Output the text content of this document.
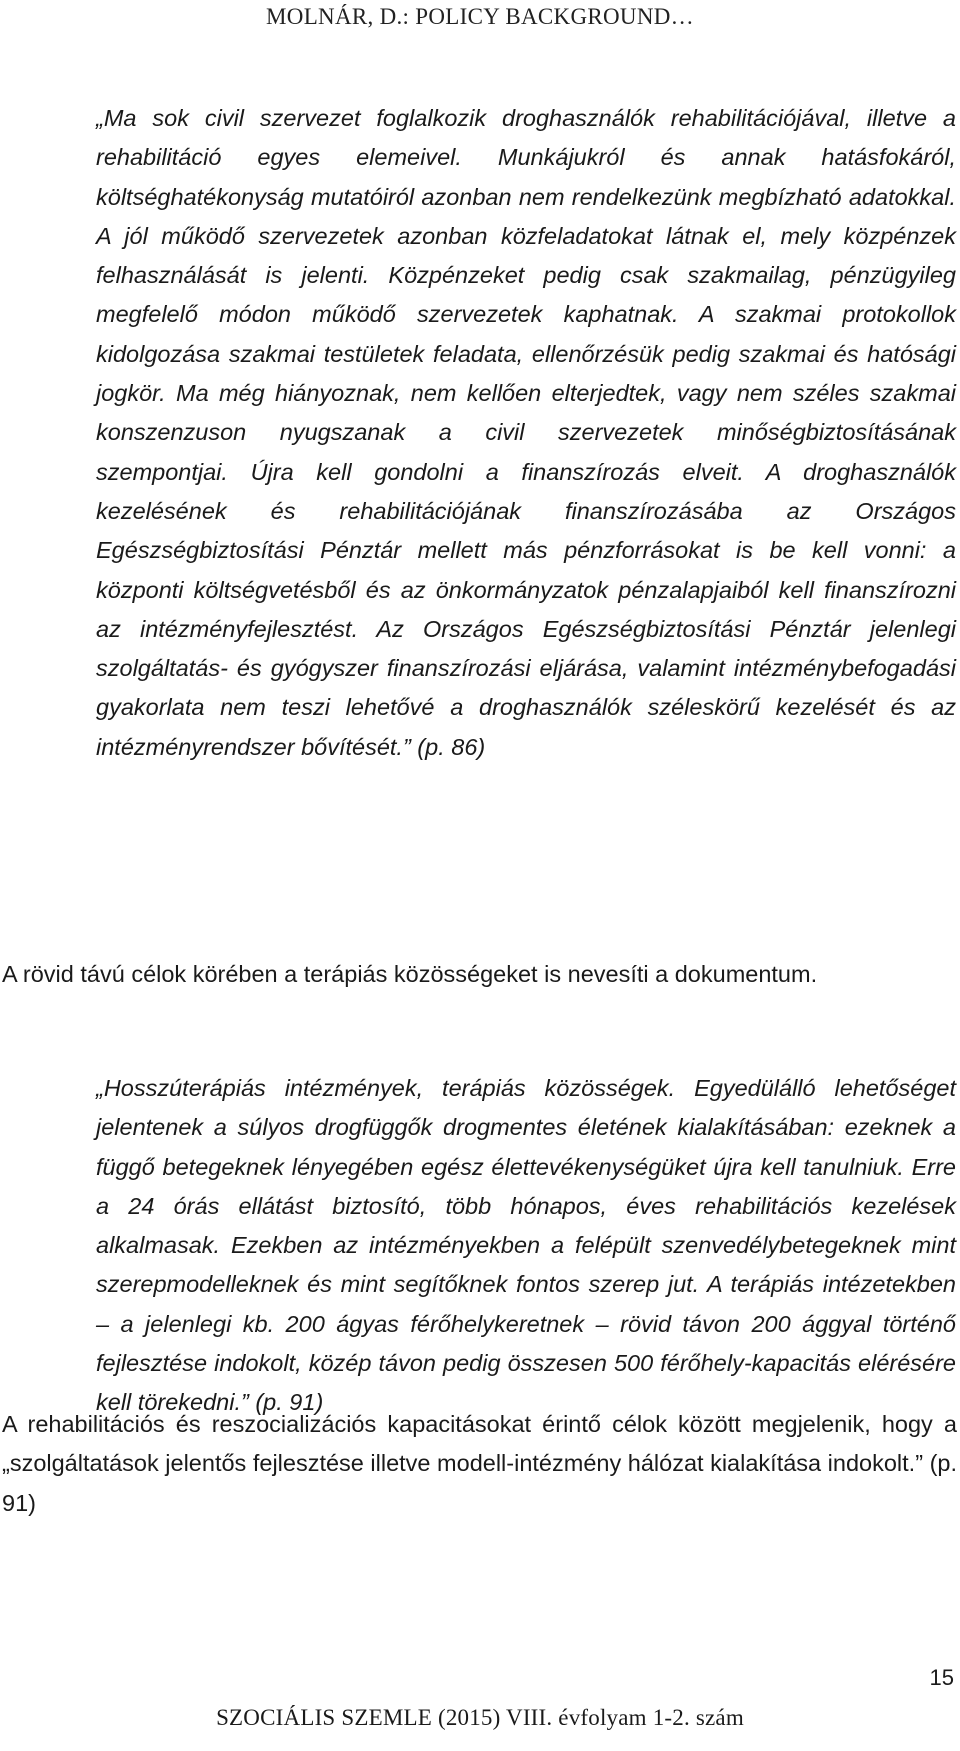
MOLNÁR, D.: POLICY BACKGROUND…
„Ma sok civil szervezet foglalkozik droghasználók rehabilitációjával, illetve a rehabilitáció egyes elemeivel. Munkájukról és annak hatásfokáról, költséghatékonyság mutatóiról azonban nem rendelkezünk megbízható adatokkal. A jól működő szervezetek azonban közfeladatokat látnak el, mely közpénzek felhasználását is jelenti. Közpénzeket pedig csak szakmailag, pénzügyileg megfelelő módon működő szervezetek kaphatnak. A szakmai protokollok kidolgozása szakmai testületek feladata, ellenőrzésük pedig szakmai és hatósági jogkör. Ma még hiányoznak, nem kellően elterjedtek, vagy nem széles szakmai konszenzuson nyugszanak a civil szervezetek minőségbiztosításának szempontjai. Újra kell gondolni a finanszírozás elveit. A droghasználók kezelésének és rehabilitációjának finanszírozásába az Országos Egészségbiztosítási Pénztár mellett más pénzforrásokat is be kell vonni: a központi költségvetésből és az önkormányzatok pénzalapjaiból kell finanszírozni az intézményfejlesztést. Az Országos Egészségbiztosítási Pénztár jelenlegi szolgáltatás- és gyógyszer finanszírozási eljárása, valamint intézménybefogadási gyakorlata nem teszi lehetővé a droghasználók széleskörű kezelését és az intézményrendszer bővítését.” (p. 86)
A rövid távú célok körében a terápiás közösségeket is nevesíti a dokumentum.
„Hosszúterápiás intézmények, terápiás közösségek. Egyedülálló lehetőséget jelentenek a súlyos drogfüggők drogmentes életének kialakításában: ezeknek a függő betegeknek lényegében egész élettevékenységüket újra kell tanulniuk. Erre a 24 órás ellátást biztosító, több hónapos, éves rehabilitációs kezelések alkalmasak. Ezekben az intézményekben a felépült szenvedélybetegeknek mint szerepmodelleknek és mint segítőknek fontos szerep jut. A terápiás intézetekben – a jelenlegi kb. 200 ágyas férőhelykeretnek – rövid távon 200 ággyal történő fejlesztése indokolt, közép távon pedig összesen 500 férőhely-kapacitás elérésére kell törekedni.” (p. 91)
A rehabilitációs és reszocializációs kapacitásokat érintő célok között megjelenik, hogy a „szolgáltatások jelentős fejlesztése illetve modell-intézmény hálózat kialakítása indokolt.” (p. 91)
15
SZOCIÁLIS SZEMLE (2015) VIII. évfolyam 1-2. szám
